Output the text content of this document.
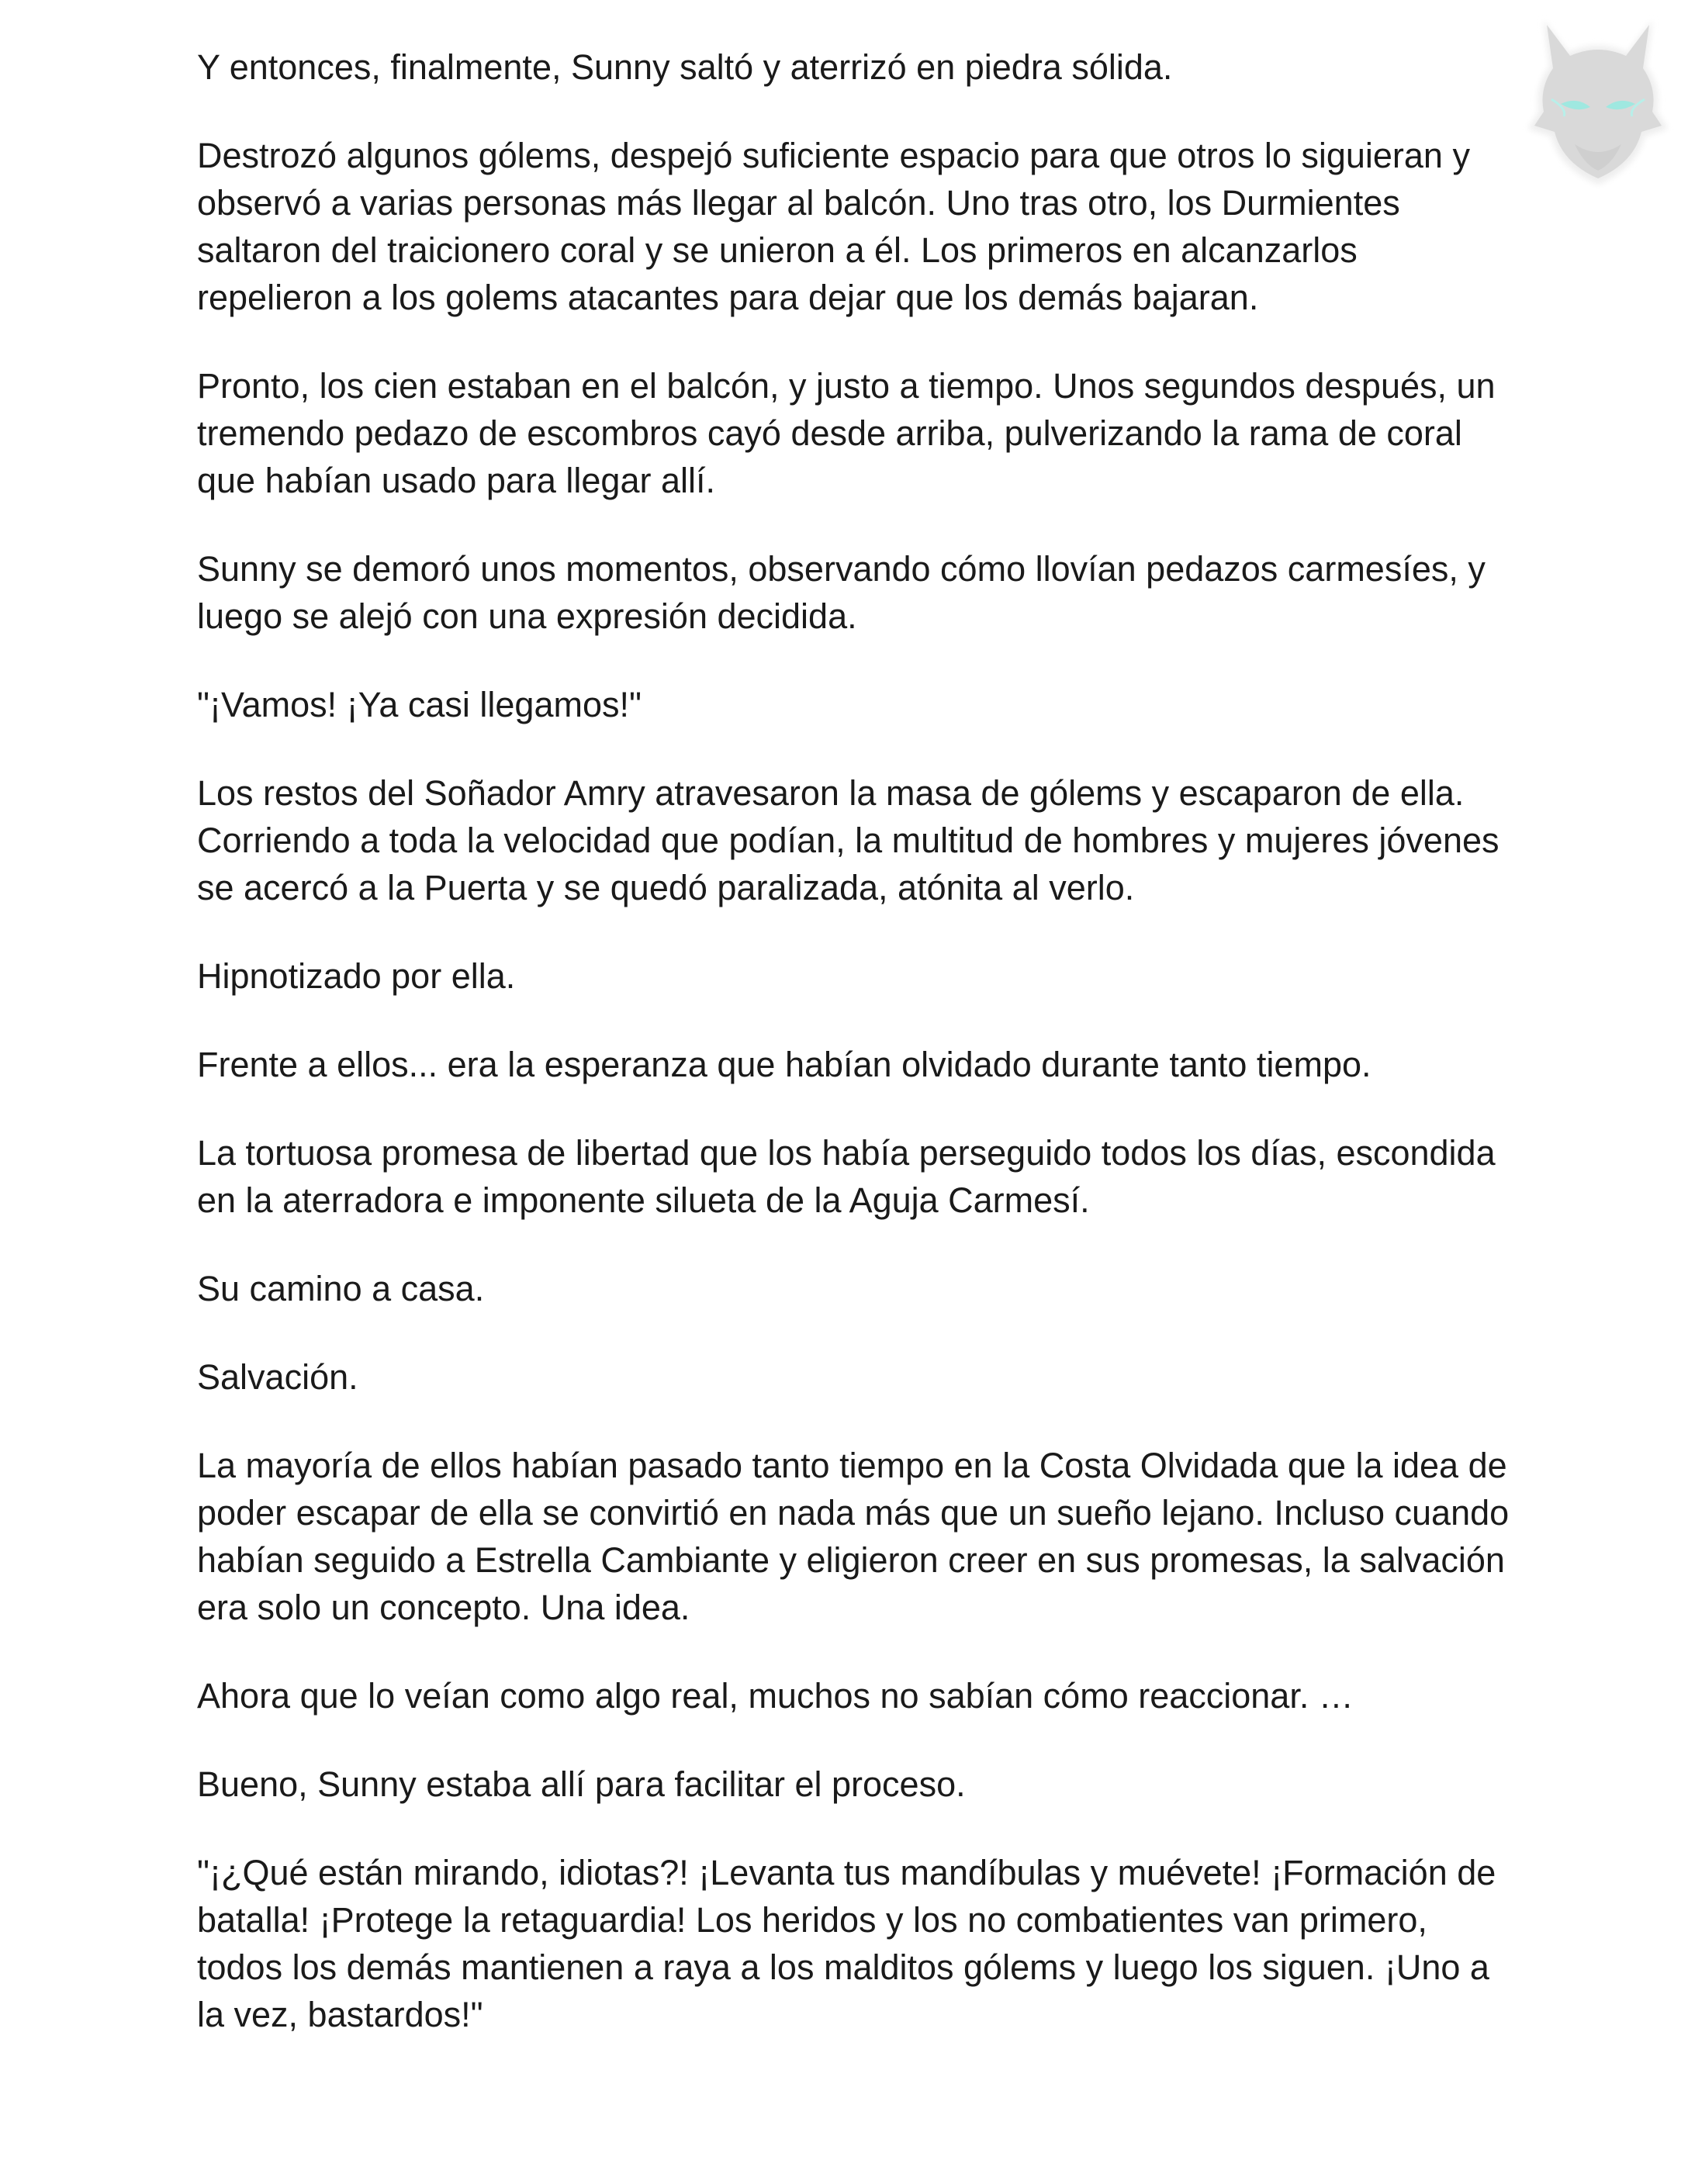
Y entonces, finalmente, Sunny saltó y aterrizó en piedra sólida.

Destrozó algunos gólems, despejó suficiente espacio para que otros lo siguieran y observó a varias personas más llegar al balcón. Uno tras otro, los Durmientes saltaron del traicionero coral y se unieron a él. Los primeros en alcanzarlos repelieron a los golems atacantes para dejar que los demás bajaran.

Pronto, los cien estaban en el balcón, y justo a tiempo. Unos segundos después, un tremendo pedazo de escombros cayó desde arriba, pulverizando la rama de coral que habían usado para llegar allí.

Sunny se demoró unos momentos, observando cómo llovían pedazos carmesíes, y luego se alejó con una expresión decidida.

"¡Vamos! ¡Ya casi llegamos!"

Los restos del Soñador Amry atravesaron la masa de gólems y escaparon de ella. Corriendo a toda la velocidad que podían, la multitud de hombres y mujeres jóvenes se acercó a la Puerta y se quedó paralizada, atónita al verlo.

Hipnotizado por ella.

Frente a ellos... era la esperanza que habían olvidado durante tanto tiempo.

La tortuosa promesa de libertad que los había perseguido todos los días, escondida en la aterradora e imponente silueta de la Aguja Carmesí.

Su camino a casa.

Salvación.

La mayoría de ellos habían pasado tanto tiempo en la Costa Olvidada que la idea de poder escapar de ella se convirtió en nada más que un sueño lejano. Incluso cuando habían seguido a Estrella Cambiante y eligieron creer en sus promesas, la salvación era solo un concepto. Una idea.

Ahora que lo veían como algo real, muchos no sabían cómo reaccionar. …

Bueno, Sunny estaba allí para facilitar el proceso.

"¡¿Qué están mirando, idiotas?! ¡Levanta tus mandíbulas y muévete! ¡Formación de batalla! ¡Protege la retaguardia! Los heridos y los no combatientes van primero, todos los demás mantienen a raya a los malditos gólems y luego los siguen. ¡Uno a la vez, bastardos!"
